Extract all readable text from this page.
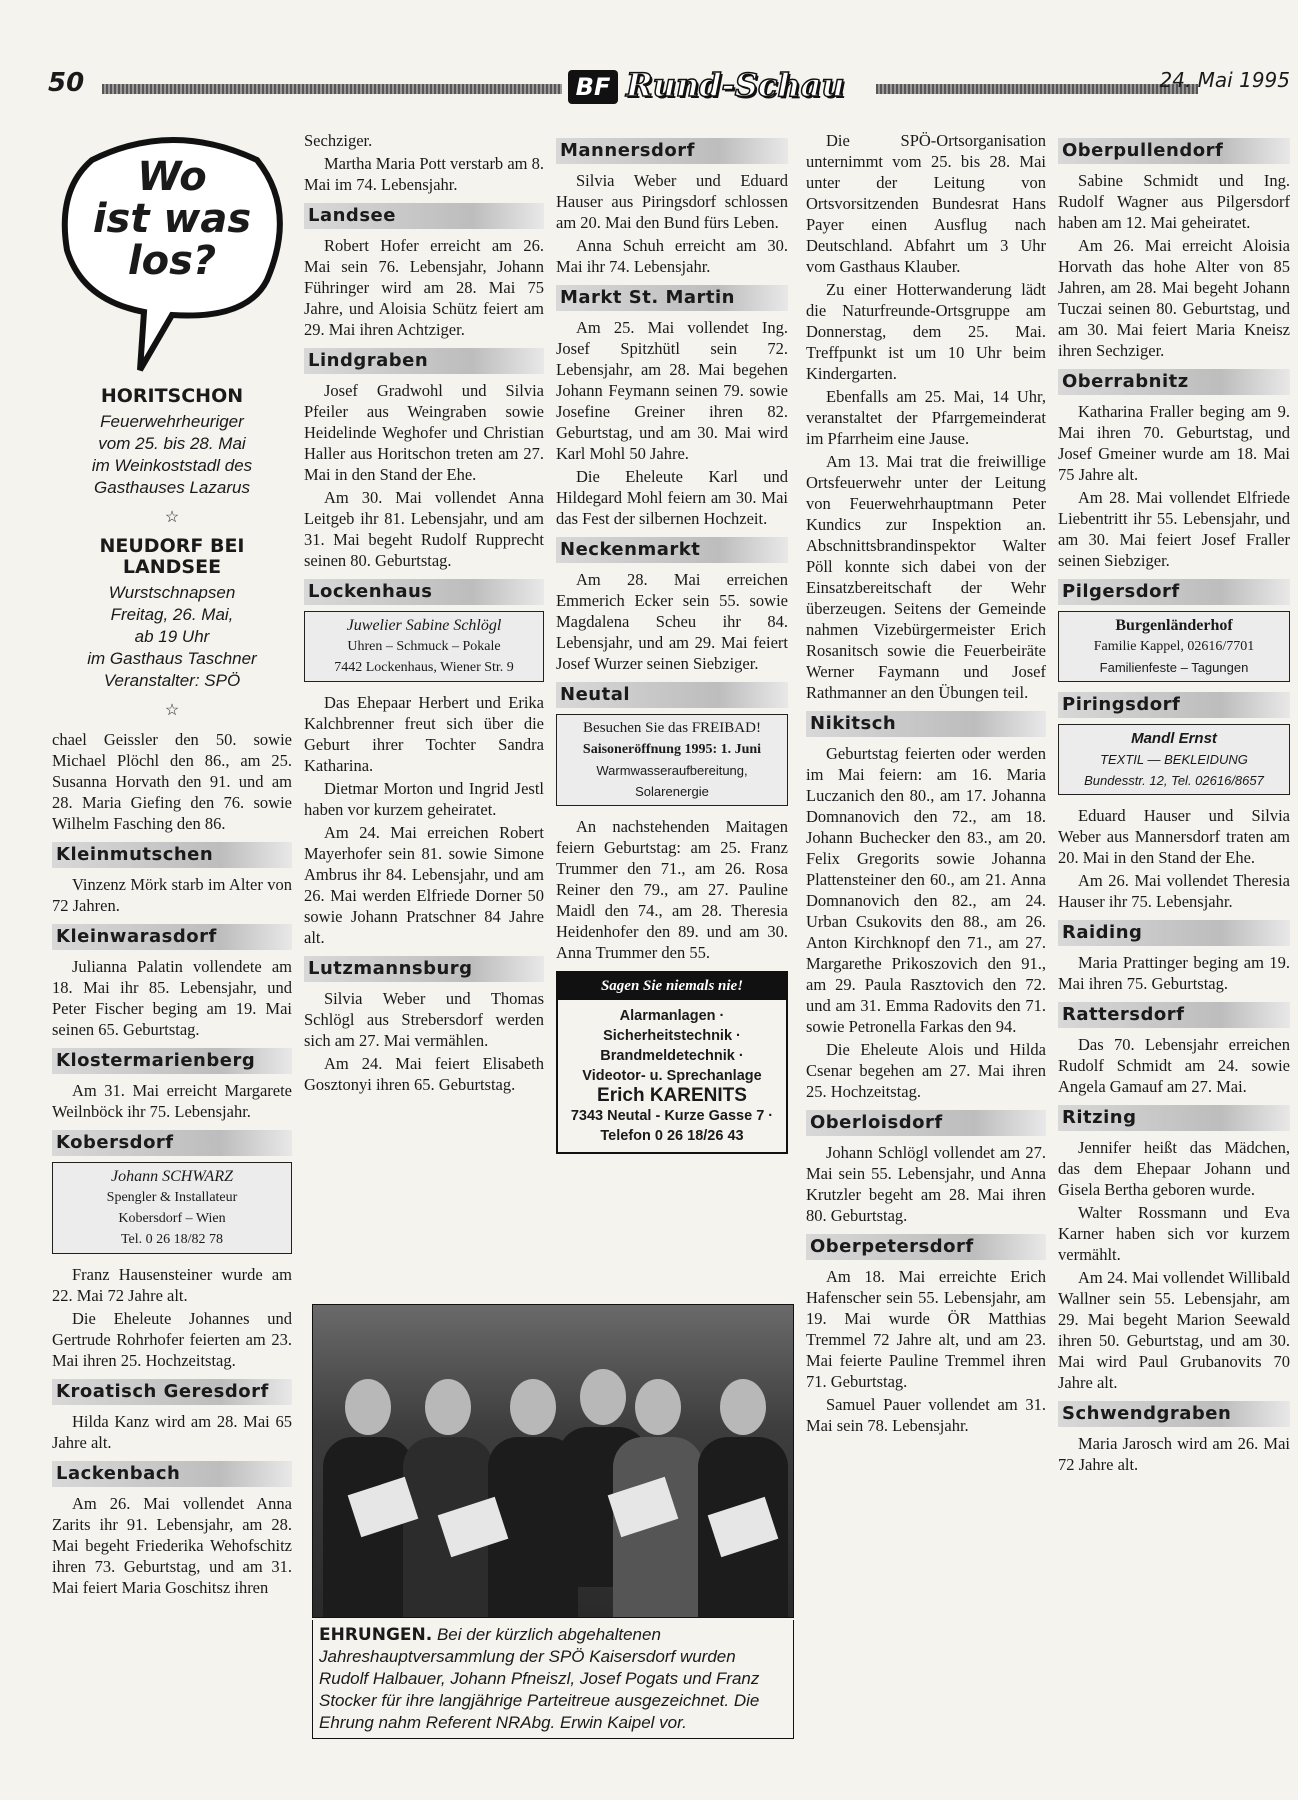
50	BF Rund-Schau	24. Mai 1995
Wo
ist was
los?
HORITSCHON
Feuerwehrheuriger
vom 25. bis 28. Mai
im Weinkoststadl des
Gasthauses Lazarus
☆
NEUDORF BEI LANDSEE
Wurstschnapsen
Freitag, 26. Mai,
ab 19 Uhr
im Gasthaus Taschner
Veranstalter: SPÖ
☆

chael Geissler den 50. sowie Michael Plöchl den 86., am 25. Susanna Horvath den 91. und am 28. Maria Giefing den 76. sowie Wilhelm Fasching den 86.

Kleinmutschen

Vinzenz Mörk starb im Alter von 72 Jahren.

Kleinwarasdorf

Julianna Palatin vollendete am 18. Mai ihr 85. Lebensjahr, und Peter Fischer beging am 19. Mai seinen 65. Geburtstag.

Klostermarienberg

Am 31. Mai erreicht Margarete Weilnböck ihr 75. Lebensjahr.

Kobersdorf
Johann SCHWARZ
Spengler & Installateur
Kobersdorf – Wien
Tel. 0 26 18/82 78

Franz Hausensteiner wurde am 22. Mai 72 Jahre alt.

Die Eheleute Johannes und Gertrude Rohrhofer feierten am 23. Mai ihren 25. Hochzeitstag.

Kroatisch Geresdorf

Hilda Kanz wird am 28. Mai 65 Jahre alt.

Lackenbach

Am 26. Mai vollendet Anna Zarits ihr 91. Lebensjahr, am 28. Mai begeht Friederika Wehofschitz ihren 73. Geburtstag, und am 31. Mai feiert Maria Goschitsz ihren

Sechziger.

Martha Maria Pott verstarb am 8. Mai im 74. Lebensjahr.

Landsee

Robert Hofer erreicht am 26. Mai sein 76. Lebensjahr, Johann Führinger wird am 28. Mai 75 Jahre, und Aloisia Schütz feiert am 29. Mai ihren Achtziger.

Lindgraben

Josef Gradwohl und Silvia Pfeiler aus Weingraben sowie Heidelinde Weghofer und Christian Haller aus Horitschon treten am 27. Mai in den Stand der Ehe.

Am 30. Mai vollendet Anna Leitgeb ihr 81. Lebensjahr, und am 31. Mai begeht Rudolf Rupprecht seinen 80. Geburtstag.

Lockenhaus
Juwelier Sabine Schlögl
Uhren – Schmuck – Pokale
7442 Lockenhaus, Wiener Str. 9

Das Ehepaar Herbert und Erika Kalchbrenner freut sich über die Geburt ihrer Tochter Sandra Katharina.

Dietmar Morton und Ingrid Jestl haben vor kurzem geheiratet.

Am 24. Mai erreichen Robert Mayerhofer sein 81. sowie Simone Ambrus ihr 84. Lebensjahr, und am 26. Mai werden Elfriede Dorner 50 sowie Johann Pratschner 84 Jahre alt.

Lutzmannsburg

Silvia Weber und Thomas Schlögl aus Strebersdorf werden sich am 27. Mai vermählen.

Am 24. Mai feiert Elisabeth Gosztonyi ihren 65. Geburtstag.

Mannersdorf

Silvia Weber und Eduard Hauser aus Piringsdorf schlossen am 20. Mai den Bund fürs Leben.

Anna Schuh erreicht am 30. Mai ihr 74. Lebensjahr.

Markt St. Martin

Am 25. Mai vollendet Ing. Josef Spitzhütl sein 72. Lebensjahr, am 28. Mai begehen Johann Feymann seinen 79. sowie Josefine Greiner ihren 82. Geburtstag, und am 30. Mai wird Karl Mohl 50 Jahre.

Die Eheleute Karl und Hildegard Mohl feiern am 30. Mai das Fest der silbernen Hochzeit.

Neckenmarkt

Am 28. Mai erreichen Emmerich Ecker sein 55. sowie Magdalena Scheu ihr 84. Lebensjahr, und am 29. Mai feiert Josef Wurzer seinen Siebziger.

Neutal
Besuchen Sie das FREIBAD!
Saisoneröffnung 1995: 1. Juni
Warmwasseraufbereitung, Solarenergie

An nachstehenden Maitagen feiern Geburtstag: am 25. Franz Trummer den 71., am 26. Rosa Reiner den 79., am 27. Pauline Maidl den 74., am 28. Theresia Heidenhofer den 89. und am 30. Anna Trummer den 55.

Sagen Sie niemals nie!
Alarmanlagen ·
Sicherheitstechnik ·
Brandmeldetechnik ·
Videotor- u. Sprechanlage
Erich KARENITS
7343 Neutal - Kurze Gasse 7 ·
Telefon 0 26 18/26 43

Die SPÖ-Ortsorganisation unternimmt vom 25. bis 28. Mai unter der Leitung von Ortsvorsitzenden Bundesrat Hans Payer einen Ausflug nach Deutschland. Abfahrt um 3 Uhr vom Gasthaus Klauber.

Zu einer Hotterwanderung lädt die Naturfreunde-Ortsgruppe am Donnerstag, dem 25. Mai. Treffpunkt ist um 10 Uhr beim Kindergarten.

Ebenfalls am 25. Mai, 14 Uhr, veranstaltet der Pfarrgemeinderat im Pfarrheim eine Jause.

Am 13. Mai trat die freiwillige Ortsfeuerwehr unter der Leitung von Feuerwehrhauptmann Peter Kundics zur Inspektion an. Abschnittsbrandinspektor Walter Pöll konnte sich dabei von der Einsatzbereitschaft der Wehr überzeugen. Seitens der Gemeinde nahmen Vizebürgermeister Erich Rosanitsch sowie die Feuerbeiräte Werner Faymann und Josef Rathmanner an den Übungen teil.

Nikitsch

Geburtstag feierten oder werden im Mai feiern: am 16. Maria Luczanich den 80., am 17. Johanna Domnanovich den 72., am 18. Johann Buchecker den 83., am 20. Felix Gregorits sowie Johanna Plattensteiner den 60., am 21. Anna Domnanovich den 82., am 24. Urban Csukovits den 88., am 26. Anton Kirchknopf den 71., am 27. Margarethe Prikoszovich den 91., am 29. Paula Rasztovich den 72. und am 31. Emma Radovits den 71. sowie Petronella Farkas den 94.

Die Eheleute Alois und Hilda Csenar begehen am 27. Mai ihren 25. Hochzeitstag.

Oberloisdorf

Johann Schlögl vollendet am 27. Mai sein 55. Lebensjahr, und Anna Krutzler begeht am 28. Mai ihren 80. Geburtstag.

Oberpetersdorf

Am 18. Mai erreichte Erich Hafenscher sein 55. Lebensjahr, am 19. Mai wurde ÖR Matthias Tremmel 72 Jahre alt, und am 23. Mai feierte Pauline Tremmel ihren 71. Geburtstag.

Samuel Pauer vollendet am 31. Mai sein 78. Lebensjahr.

Oberpullendorf

Sabine Schmidt und Ing. Rudolf Wagner aus Pilgersdorf haben am 12. Mai geheiratet.

Am 26. Mai erreicht Aloisia Horvath das hohe Alter von 85 Jahren, am 28. Mai begeht Johann Tuczai seinen 80. Geburtstag, und am 30. Mai feiert Maria Kneisz ihren Sechziger.

Oberrabnitz

Katharina Fraller beging am 9. Mai ihren 70. Geburtstag, und Josef Gmeiner wurde am 18. Mai 75 Jahre alt.

Am 28. Mai vollendet Elfriede Liebentritt ihr 55. Lebensjahr, und am 30. Mai feiert Josef Fraller seinen Siebziger.

Pilgersdorf
Burgenländerhof
Familie Kappel, 02616/7701
Familienfeste – Tagungen
Piringsdorf
Mandl Ernst
TEXTIL — BEKLEIDUNG
Bundesstr. 12, Tel. 02616/8657

Eduard Hauser und Silvia Weber aus Mannersdorf traten am 20. Mai in den Stand der Ehe.

Am 26. Mai vollendet Theresia Hauser ihr 75. Lebensjahr.

Raiding

Maria Prattinger beging am 19. Mai ihren 75. Geburtstag.

Rattersdorf

Das 70. Lebensjahr erreichen Rudolf Schmidt am 24. sowie Angela Gamauf am 27. Mai.

Ritzing

Jennifer heißt das Mädchen, das dem Ehepaar Johann und Gisela Bertha geboren wurde.

Walter Rossmann und Eva Karner haben sich vor kurzem vermählt.

Am 24. Mai vollendet Willibald Wallner sein 55. Lebensjahr, am 29. Mai begeht Marion Seewald ihren 50. Geburtstag, und am 30. Mai wird Paul Grubanovits 70 Jahre alt.

Schwendgraben

Maria Jarosch wird am 26. Mai 72 Jahre alt.

EHRUNGEN. Bei der kürzlich abgehaltenen Jahreshauptversammlung der SPÖ Kaisersdorf wurden Rudolf Halbauer, Johann Pfneiszl, Josef Pogats und Franz Stocker für ihre langjährige Parteitreue ausgezeichnet. Die Ehrung nahm Referent NRAbg. Erwin Kaipel vor.
